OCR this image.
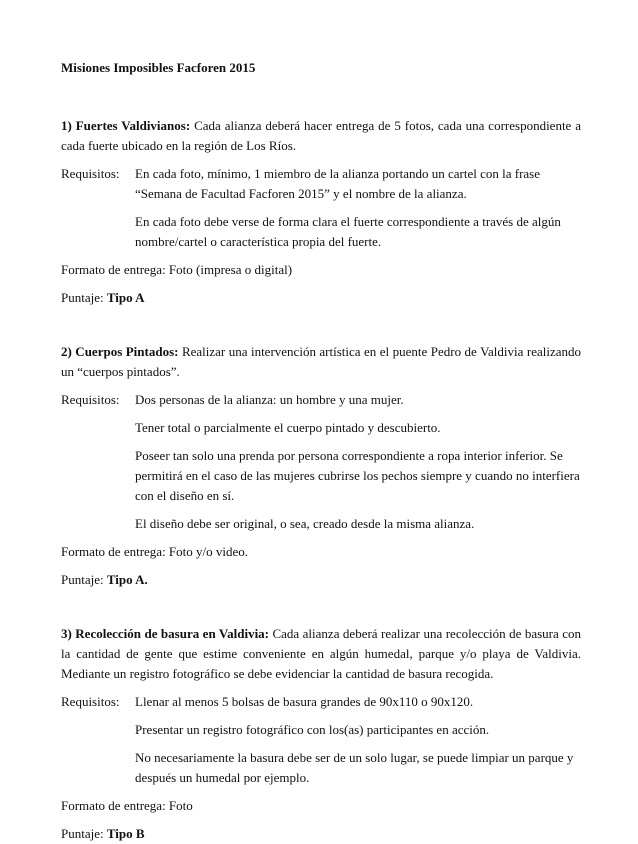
Misiones Imposibles Facforen 2015

1) Fuertes Valdivianos: Cada alianza deberá hacer entrega de 5 fotos, cada una correspondiente a cada fuerte ubicado en la región de Los Ríos.

Requisitos: En cada foto, mínimo, 1 miembro de la alianza portando un cartel con la frase “Semana de Facultad Facforen 2015” y el nombre de la alianza.

En cada foto debe verse de forma clara el fuerte correspondiente a través de algún nombre/cartel o característica propia del fuerte.

Formato de entrega: Foto (impresa o digital)
Puntaje: Tipo A

2) Cuerpos Pintados: Realizar una intervención artística en el puente Pedro de Valdivia realizando un “cuerpos pintados”.

Requisitos: Dos personas de la alianza: un hombre y una mujer.

Tener total o parcialmente el cuerpo pintado y descubierto.

Poseer tan solo una prenda por persona correspondiente a ropa interior inferior. Se permitirá en el caso de las mujeres cubrirse los pechos siempre y cuando no interfiera con el diseño en sí.

El diseño debe ser original, o sea, creado desde la misma alianza.

Formato de entrega: Foto y/o video.
Puntaje: Tipo A.

3) Recolección de basura en Valdivia: Cada alianza deberá realizar una recolección de basura con la cantidad de gente que estime conveniente en algún humedal, parque y/o playa de Valdivia. Mediante un registro fotográfico se debe evidenciar la cantidad de basura recogida.

Requisitos: Llenar al menos 5 bolsas de basura grandes de 90x110 o 90x120.

Presentar un registro fotográfico con los(as) participantes en acción.

No necesariamente la basura debe ser de un solo lugar, se puede limpiar un parque y después un humedal por ejemplo.

Formato de entrega: Foto
Puntaje: Tipo B
